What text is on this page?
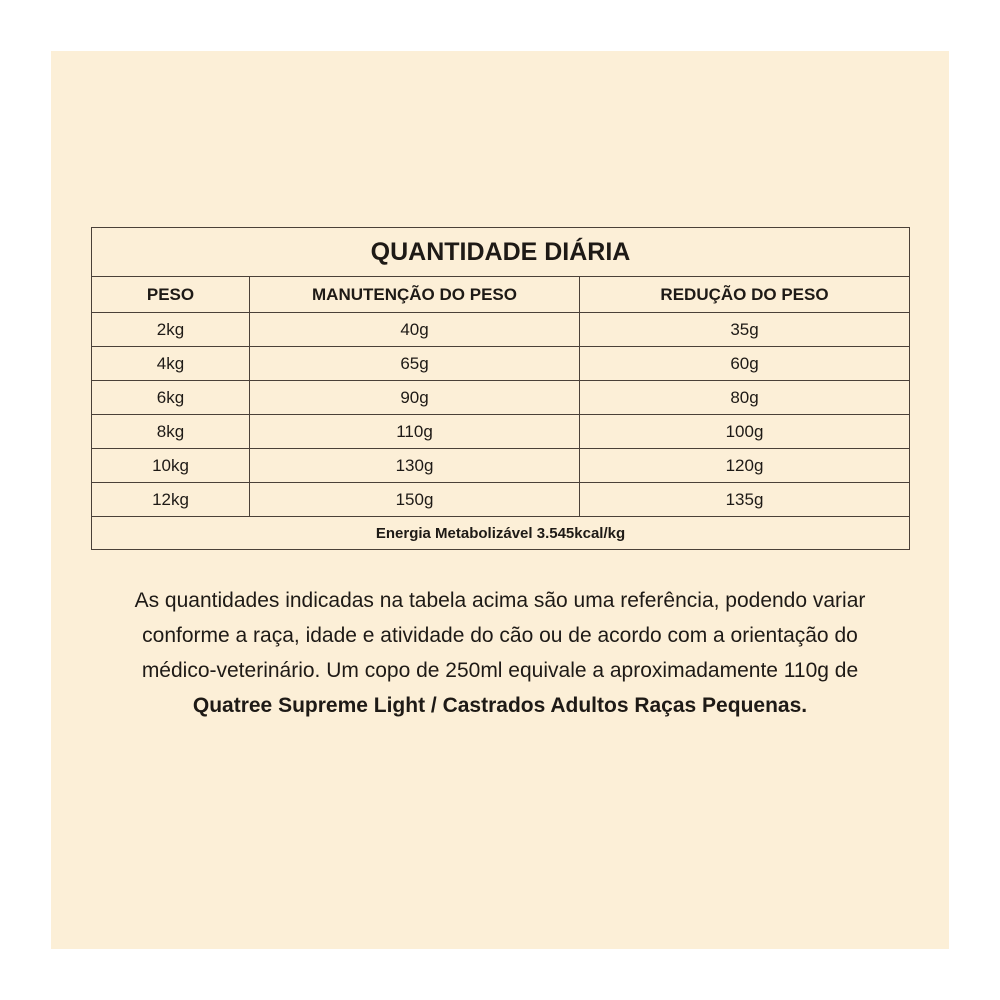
QUANTIDADE DIÁRIA		
PESO	MANUTENÇÃO DO PESO	REDUÇÃO DO PESO
2kg	40g	35g
4kg	65g	60g
6kg	90g	80g
8kg	110g	100g
10kg	130g	120g
12kg	150g	135g
Energia Metabolizável 3.545kcal/kg		
As quantidades indicadas na tabela acima são uma referência, podendo variar
conforme a raça, idade e atividade do cão ou de acordo com a orientação do
médico-veterinário. Um copo de 250ml equivale a aproximadamente 110g de
Quatree Supreme Light / Castrados Adultos Raças Pequenas.
